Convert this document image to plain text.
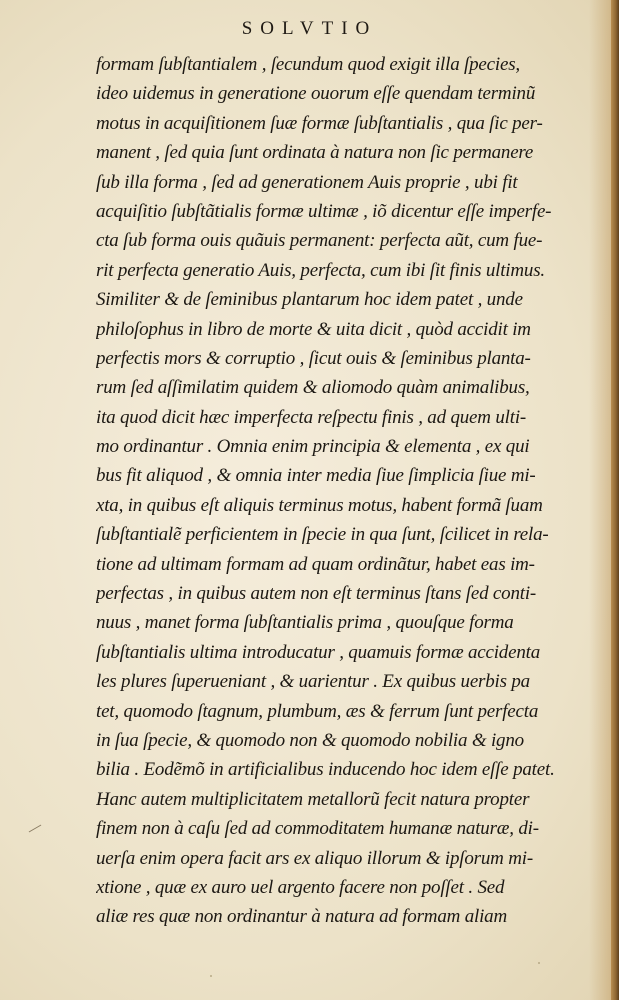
SOLVTIO
formam ſubſtantialem , ſecundum quod exigit illa ſpecies,
ideo uidemus in generatione ouorum eſſe quendam terminũ
motus in acquiſitionem ſuæ formæ ſubſtantialis , qua ſic per-
manent , ſed quia ſunt ordinata à natura non ſic permanere
ſub illa forma , ſed ad generationem Auis proprie , ubi fit
acquiſitio ſubſtãtialis formæ ultimæ , iõ dicentur eſſe imperfe-
cta ſub forma ouis quãuis permanent: perfecta aũt, cum fue-
rit perfecta generatio Auis, perfecta, cum ibi ſit finis ultimus.
Similiter & de ſeminibus plantarum hoc idem patet , unde
philoſophus in libro de morte & uita dicit , quòd accidit im
perfectis mors & corruptio , ſicut ouis & ſeminibus planta-
rum ſed aſſimilatim quidem & aliomodo quàm animalibus,
ita quod dicit hæc imperfecta reſpectu finis , ad quem ulti-
mo ordinantur . Omnia enim principia & elementa , ex qui
bus fit aliquod , & omnia inter media ſiue ſimplicia ſiue mi-
xta, in quibus eſt aliquis terminus motus, habent formã ſuam
ſubſtantialẽ perficientem in ſpecie in qua ſunt, ſcilicet in rela-
tione ad ultimam formam ad quam ordinãtur, habet eas im-
perfectas , in quibus autem non eſt terminus ſtans ſed conti-
nuus , manet forma ſubſtantialis prima , quouſque forma
ſubſtantialis ultima introducatur , quamuis formæ accidenta
les plures ſuperueniant , & uarientur . Ex quibus uerbis pa
tet, quomodo ſtagnum, plumbum, æs & ferrum ſunt perfecta
in ſua ſpecie, & quomodo non & quomodo nobilia & igno
bilia . Eodẽmõ in artificialibus inducendo hoc idem eſſe patet.
Hanc autem multiplicitatem metallorũ fecit natura propter
finem non à caſu ſed ad commoditatem humanæ naturæ, di-
uerſa enim opera facit ars ex aliquo illorum & ipſorum mi-
xtione , quæ ex auro uel argento facere non poſſet . Sed
aliæ res quæ non ordinantur à natura ad formam aliam
